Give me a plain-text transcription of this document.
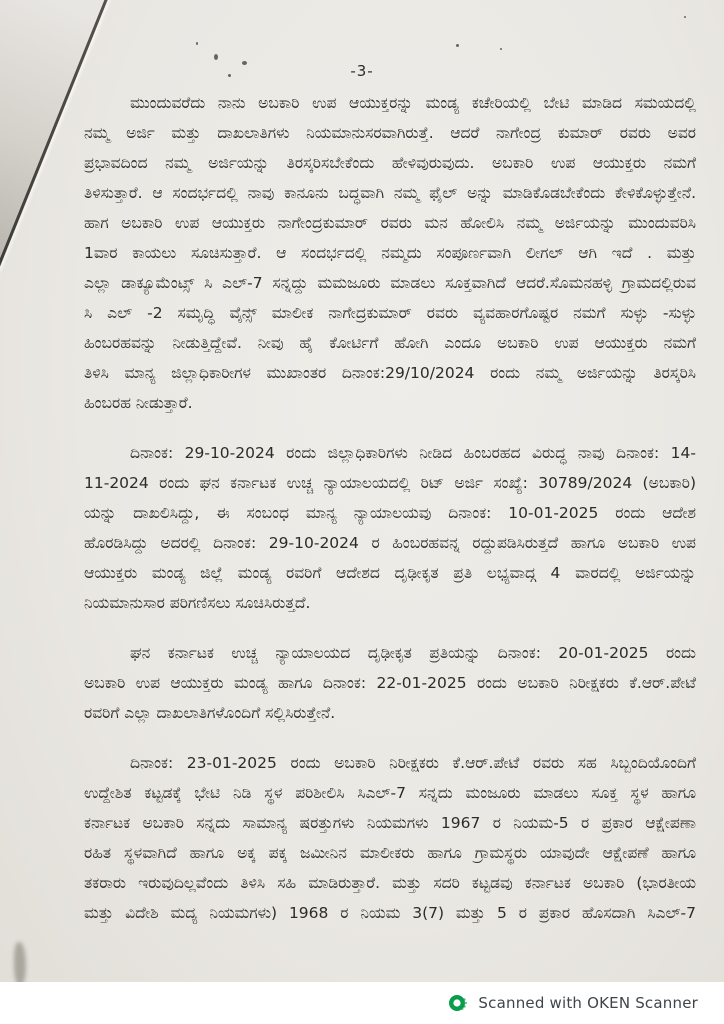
-3-
ಮುಂದುವರೆದು ನಾನು ಅಬಕಾರಿ ಉಪ ಆಯುಕ್ತರನ್ನು ಮಂಡ್ಯ ಕಚೇರಿಯಲ್ಲಿ ಬೇಟಿ ಮಾಡಿದ ಸಮಯದಲ್ಲಿ
ನಮ್ಮ ಅರ್ಜಿ ಮತ್ತು ದಾಖಲಾತಿಗಳು ನಿಯಮಾನುಸರವಾಗಿರುತ್ತೆ. ಆದರೆ ನಾಗೇಂದ್ರ ಕುಮಾರ್ ರವರು ಅವರ
ಪ್ರಭಾವದಿಂದ ನಮ್ಮ ಅರ್ಜಿಯನ್ನು ತಿರಸ್ಕರಿಸಬೇಕೆಂದು ಹೇಳಿವುರುವುದು. ಅಬಕಾರಿ ಉಪ ಆಯುಕ್ತರು ನಮಗೆ
ತಿಳಿಸುತ್ತಾರೆ. ಆ ಸಂದರ್ಭದಲ್ಲಿ ನಾವು ಕಾನೂನು ಬದ್ಧವಾಗಿ ನಮ್ಮ ಫೈಲ್ ಅನ್ನು ಮಾಡಿಕೊಡಬೇಕೆಂದು ಕೇಳಿಕೊಳ್ಳುತ್ತೇನೆ.
ಹಾಗ ಅಬಕಾರಿ ಉಪ ಆಯುಕ್ತರು ನಾಗೇಂದ್ರಕುಮಾರ್ ರವರು ಮನ ಹೋಲಿಸಿ ನಮ್ಮ ಅರ್ಜಿಯನ್ನು ಮುಂದುವರಿಸಿ
1ವಾರ ಕಾಯಲು ಸೂಚಿಸುತ್ತಾರೆ. ಆ ಸಂದರ್ಭದಲ್ಲಿ ನಮ್ಮದು ಸಂಪೂರ್ಣವಾಗಿ ಲೀಗಲ್ ಆಗಿ ಇದೆ . ಮತ್ತು
ಎಲ್ಲಾ ಡಾಕ್ಯೂಮೆಂಟ್ಸ್ ಸಿ ಎಲ್-7 ಸನ್ನದ್ದು ಮಮಜೂರು ಮಾಡಲು ಸೂಕ್ತವಾಗಿದೆ ಆದರೆ.ಸೊಮನಹಳ್ಳಿ ಗ್ರಾಮದಲ್ಲಿರುವ
ಸಿ ಎಲ್ -2 ಸಮೃದ್ಧಿ ವೈನ್ಸ್ ಮಾಲೀಕ ನಾಗೇದ್ರಕುಮಾರ್ ರವರು ವ್ಯವಹಾರಗೊಷ್ಟರ ನಮಗೆ ಸುಳ್ಳು -ಸುಳ್ಳು
ಹಿಂಬರಹವನ್ನು ನೀಡುತ್ತಿದ್ದೇವೆ. ನೀವು ಹೈ ಕೋರ್ಟಿಗೆ ಹೋಗಿ ಎಂದೂ ಅಬಕಾರಿ ಉಪ ಆಯುಕ್ತರು ನಮಗೆ
ತಿಳಿಸಿ ಮಾನ್ಯ ಜಿಲ್ಲಾಧಿಕಾರೀಗಳ ಮುಖಾಂತರ ದಿನಾಂಕ:29/10/2024 ರಂದು ನಮ್ಮ ಅರ್ಜಿಯನ್ನು ತಿರಸ್ಕರಿಸಿ
ಹಿಂಬರಹ ನೀಡುತ್ತಾರೆ.
ದಿನಾಂಕ: 29-10-2024 ರಂದು ಜಿಲ್ಲಾಧಿಕಾರಿಗಳು ನೀಡಿದ ಹಿಂಬರಹದ ವಿರುದ್ಧ ನಾವು ದಿನಾಂಕ: 14-
11-2024 ರಂದು ಘನ ಕರ್ನಾಟಕ ಉಚ್ಚ ನ್ಯಾಯಾಲಯದಲ್ಲಿ ರಿಟ್ ಅರ್ಜಿ ಸಂಖ್ಯೆ: 30789/2024 (ಅಬಕಾರಿ)
ಯನ್ನು ದಾಖಲಿಸಿದ್ದು, ಈ ಸಂಬಂಧ ಮಾನ್ಯ ನ್ಯಾಯಾಲಯವು ದಿನಾಂಕ: 10-01-2025 ರಂದು ಆದೇಶ
ಹೊರಡಿಸಿದ್ದು ಅದರಲ್ಲಿ ದಿನಾಂಕ: 29-10-2024 ರ ಹಿಂಬರಹವನ್ನ ರದ್ದುಪಡಿಸಿರುತ್ತದೆ ಹಾಗೂ ಅಬಕಾರಿ ಉಪ
ಆಯುಕ್ತರು ಮಂಡ್ಯ ಜಿಲ್ಲೆ ಮಂಡ್ಯ ರವರಿಗೆ ಆದೇಶದ ದೃಢೀಕೃತ ಪ್ರತಿ ಲಭ್ಯವಾದ್ಗ 4 ವಾರದಲ್ಲಿ ಅರ್ಜಿಯನ್ನು
ನಿಯಮಾನುಸಾರ ಪರಿಗಣಿಸಲು ಸೂಚಿಸಿರುತ್ತದೆ.
ಘನ ಕರ್ನಾಟಕ ಉಚ್ಚ ನ್ಯಾಯಾಲಯದ ದೃಢೀಕೃತ ಪ್ರತಿಯನ್ನು ದಿನಾಂಕ: 20-01-2025 ರಂದು
ಅಬಕಾರಿ ಉಪ ಆಯುಕ್ತರು ಮಂಡ್ಯ ಹಾಗೂ ದಿನಾಂಕ: 22-01-2025 ರಂದು ಅಬಕಾರಿ ನಿರೀಕ್ಷಕರು ಕೆ.ಆರ್.ಪೇಟೆ
ರವರಿಗೆ ಎಲ್ಲಾ ದಾಖಲಾತಿಗಳೊಂದಿಗೆ ಸಲ್ಲಿಸಿರುತ್ತೇನೆ.
ದಿನಾಂಕ: 23-01-2025 ರಂದು ಅಬಕಾರಿ ನಿರೀಕ್ಷಕರು ಕೆ.ಆರ್.ಪೇಟೆ ರವರು ಸಹ ಸಿಬ್ಬಂದಿಯೊಂದಿಗೆ
ಉದ್ದೇಶಿತ ಕಟ್ಟಡಕ್ಕೆ ಭೇಟಿ ನಿಡಿ ಸ್ಥಳ ಪರಿಶೀಲಿಸಿ ಸಿಎಲ್-7 ಸನ್ನದು ಮಂಜೂರು ಮಾಡಲು ಸೂಕ್ತ ಸ್ಥಳ ಹಾಗೂ
ಕರ್ನಾಟಕ ಅಬಕಾರಿ ಸನ್ನದು ಸಾಮಾನ್ಯ ಷರತ್ತುಗಳು ನಿಯಮಗಳು 1967 ರ ನಿಯಮ-5 ರ ಪ್ರಕಾರ ಆಕ್ಷೇಪಣಾ
ರಹಿತ ಸ್ಥಳವಾಗಿದೆ ಹಾಗೂ ಅಕ್ಕ ಪಕ್ಕ ಜಮೀನಿನ ಮಾಲೀಕರು ಹಾಗೂ ಗ್ರಾಮಸ್ಥರು ಯಾವುದೇ ಆಕ್ಷೇಪಣೆ ಹಾಗೂ
ತಕರಾರು ಇರುವುದಿಲ್ಲವೆಂದು ತಿಳಿಸಿ ಸಹಿ ಮಾಡಿರುತ್ತಾರೆ. ಮತ್ತು ಸದರಿ ಕಟ್ಟಡವು ಕರ್ನಾಟಕ ಅಬಕಾರಿ (ಭಾರತೀಯ
ಮತ್ತು ವಿದೇಶಿ ಮದ್ಯ ನಿಯಮಗಳು) 1968 ರ ನಿಯಮ 3(7) ಮತ್ತು 5 ರ ಪ್ರಕಾರ ಹೊಸದಾಗಿ ಸಿಎಲ್-7
Scanned with OKEN Scanner
